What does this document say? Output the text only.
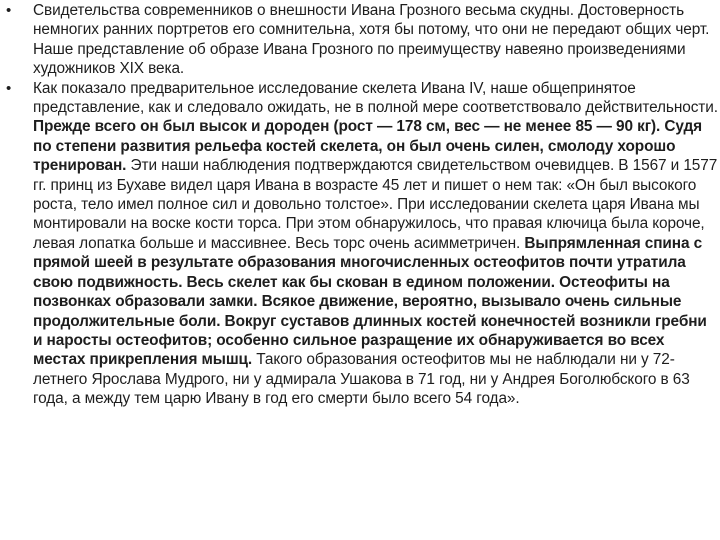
• Свидетельства современников о внешности Ивана Грозного весьма скудны. Достоверность немногих ранних портретов его сомнительна, хотя бы потому, что они не передают общих черт. Наше представление об образе Ивана Грозного по преимуществу навеяно произведениями художников XIX века.
• Как показало предварительное исследование скелета Ивана IV, наше общепринятое представление, как и следовало ожидать, не в полной мере соответствовало действительности. Прежде всего он был высок и дороден (рост — 178 см, вес — не менее 85 — 90 кг). Судя по степени развития рельефа костей скелета, он был очень силен, смолоду хорошо тренирован. Эти наши наблюдения подтверждаются свидетельством очевидцев. В 1567 и 1577 гг. принц из Бухаве видел царя Ивана в возрасте 45 лет и пишет о нем так: «Он был высокого роста, тело имел полное сил и довольно толстое». При исследовании скелета царя Ивана мы монтировали на воске кости торса. При этом обнаружилось, что правая ключица была короче, левая лопатка больше и массивнее. Весь торс очень асимметричен. Выпрямленная спина с прямой шеей в результате образования многочисленных остеофитов почти утратила свою подвижность. Весь скелет как бы скован в едином положении. Остеофиты на позвонках образовали замки. Всякое движение, вероятно, вызывало очень сильные продолжительные боли. Вокруг суставов длинных костей конечностей возникли гребни и наросты остеофитов; особенно сильное разращение их обнаруживается во всех местах прикрепления мышц. Такого образования остеофитов мы не наблюдали ни у 72-летнего Ярослава Мудрого, ни у адмирала Ушакова в 71 год, ни у Андрея Боголюбского в 63 года, а между тем царю Ивану в год его смерти было всего 54 года».
